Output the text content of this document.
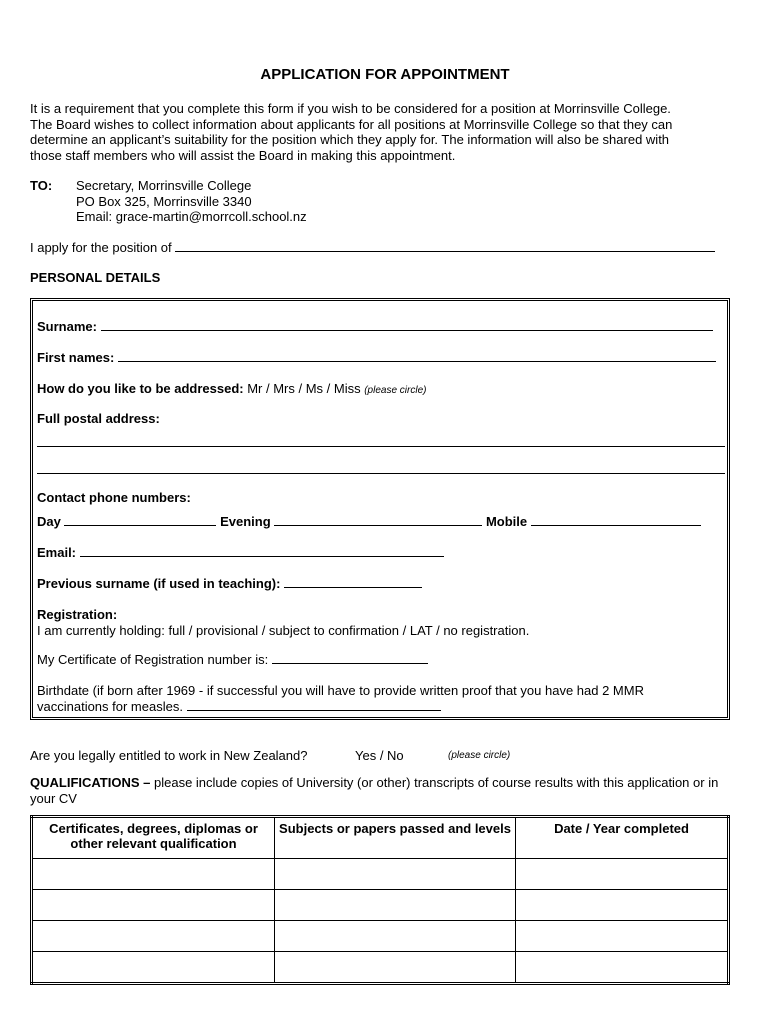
APPLICATION FOR APPOINTMENT
It is a requirement that you complete this form if you wish to be considered for a position at Morrinsville College.
The Board wishes to collect information about applicants for all positions at Morrinsville College so that they can
determine an applicant’s suitability for the position which they apply for. The information will also be shared with
those staff members who will assist the Board in making this appointment.
TO: Secretary, Morrinsville College
PO Box 325, Morrinsville 3340
Email: grace-martin@morrcoll.school.nz
I apply for the position of
PERSONAL DETAILS
Surname:
First names:
How do you like to be addressed: Mr / Mrs / Ms / Miss (please circle)
Full postal address:
Contact phone numbers:
Day	Evening	Mobile
Email:
Previous surname (if used in teaching):
Registration:
I am currently holding: full / provisional / subject to confirmation / LAT / no registration.
My Certificate of Registration number is:
Birthdate (if born after 1969 - if successful you will have to provide written proof that you have had 2 MMR
vaccinations for measles.
Are you legally entitled to work in New Zealand?	Yes / No	(please circle)
QUALIFICATIONS – please include copies of University (or other) transcripts of course results with this application or in your CV
Certificates, degrees, diplomas or other relevant qualification	Subjects or papers passed and levels	Date / Year completed
